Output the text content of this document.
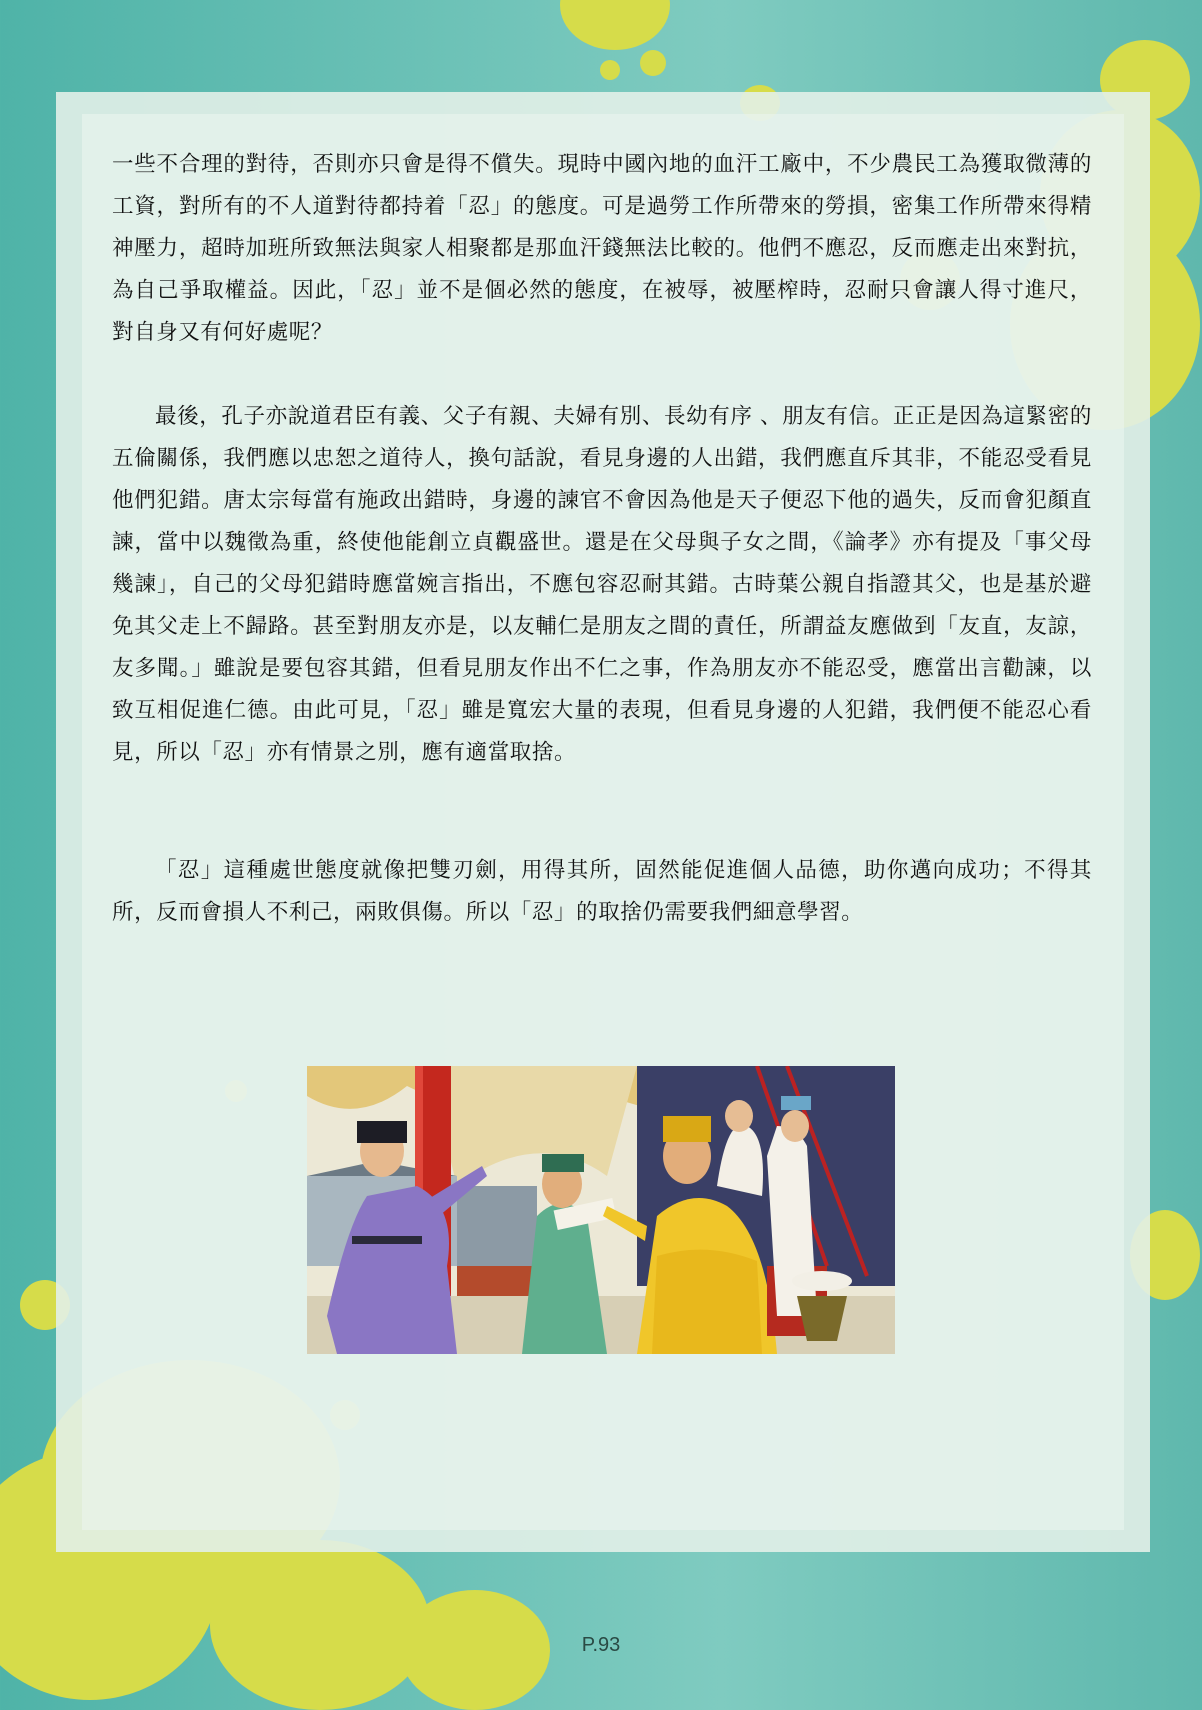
一些不合理的對待，否則亦只會是得不償失。現時中國內地的血汗工廠中，不少農民工為獲取微薄的工資，對所有的不人道對待都持着「忍」的態度。可是過勞工作所帶來的勞損，密集工作所帶來得精神壓力，超時加班所致無法與家人相聚都是那血汗錢無法比較的。他們不應忍，反而應走出來對抗，為自己爭取權益。因此，「忍」並不是個必然的態度，在被辱，被壓榨時，忍耐只會讓人得寸進尺，對自身又有何好處呢？

最後，孔子亦說道君臣有義、父子有親、夫婦有別、長幼有序 、朋友有信。正正是因為這緊密的五倫關係，我們應以忠恕之道待人，換句話說，看見身邊的人出錯，我們應直斥其非，不能忍受看見他們犯錯。唐太宗每當有施政出錯時，身邊的諫官不會因為他是天子便忍下他的過失，反而會犯顏直諫，當中以魏徵為重，終使他能創立貞觀盛世。還是在父母與子女之間，《論孝》亦有提及「事父母幾諫」，自己的父母犯錯時應當婉言指出，不應包容忍耐其錯。古時葉公親自指證其父，也是基於避免其父走上不歸路。甚至對朋友亦是，以友輔仁是朋友之間的責任，所謂益友應做到「友直，友諒，友多聞。」雖說是要包容其錯，但看見朋友作出不仁之事，作為朋友亦不能忍受，應當出言勸諫，以致互相促進仁德。由此可見，「忍」雖是寬宏大量的表現，但看見身邊的人犯錯，我們便不能忍心看見，所以「忍」亦有情景之別，應有適當取捨。

「忍」這種處世態度就像把雙刃劍，用得其所，固然能促進個人品德，助你邁向成功；不得其所，反而會損人不利己，兩敗俱傷。所以「忍」的取捨仍需要我們細意學習。

P.93
